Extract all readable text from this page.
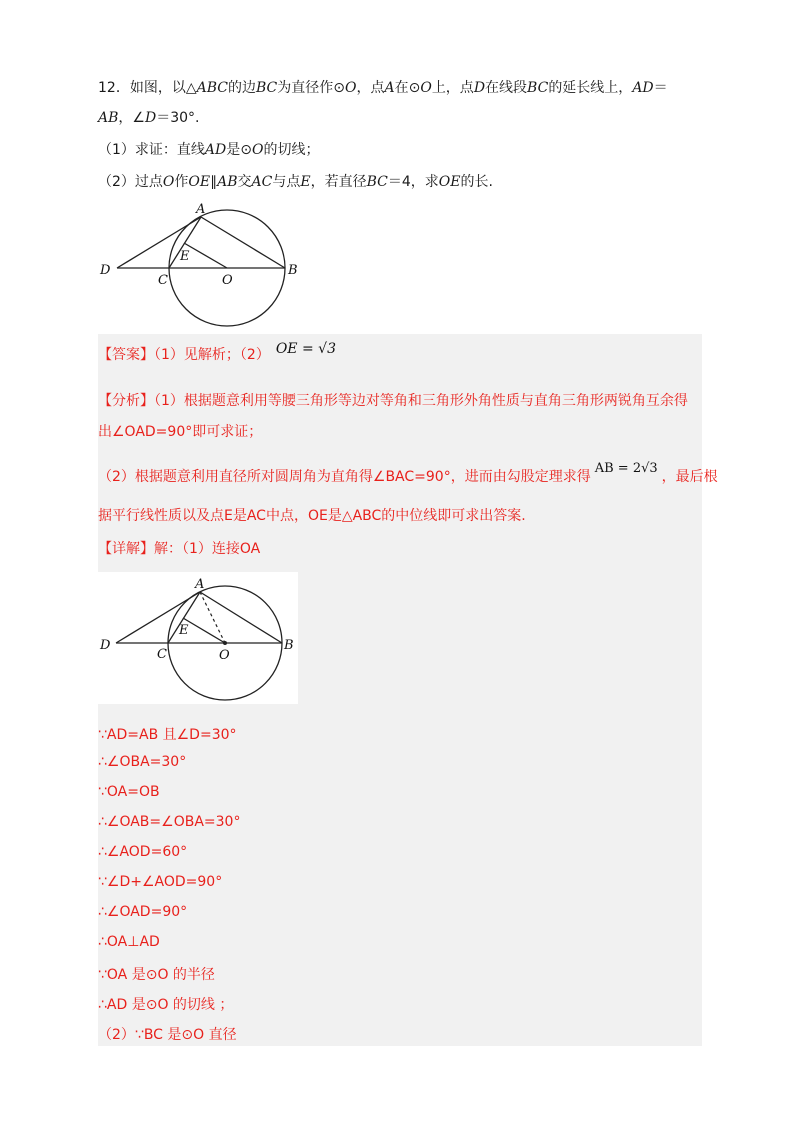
12．如图，以△ABC的边BC为直径作⊙O，点A在⊙O上，点D在线段BC的延长线上，AD＝
AB，∠D＝30°.
（1）求证：直线AD是⊙O的切线；
（2）过点O作OE∥AB交AC与点E，若直径BC＝4，求OE的长.
A
B
C
D
E
O
【答案】（1）见解析；（2） OE = √3
【分析】（1）根据题意利用等腰三角形等边对等角和三角形外角性质与直角三角形两锐角互余得
出∠OAD=90°即可求证；
（2）根据题意利用直径所对圆周角为直角得∠BAC=90°，进而由勾股定理求得AB = 2√3，最后根
据平行线性质以及点E是AC中点，OE是△ABC的中位线即可求出答案.
【详解】解：（1）连接OA
A
B
C
D
E
O
∵AD=AB 且∠D=30°
∴∠OBA=30°
∵OA=OB
∴∠OAB=∠OBA=30°
∴∠AOD=60°
∵∠D+∠AOD=90°
∴∠OAD=90°
∴OA⊥AD
∵OA 是⊙O 的半径
∴AD 是⊙O 的切线 ；
（2）∵BC 是⊙O 直径
